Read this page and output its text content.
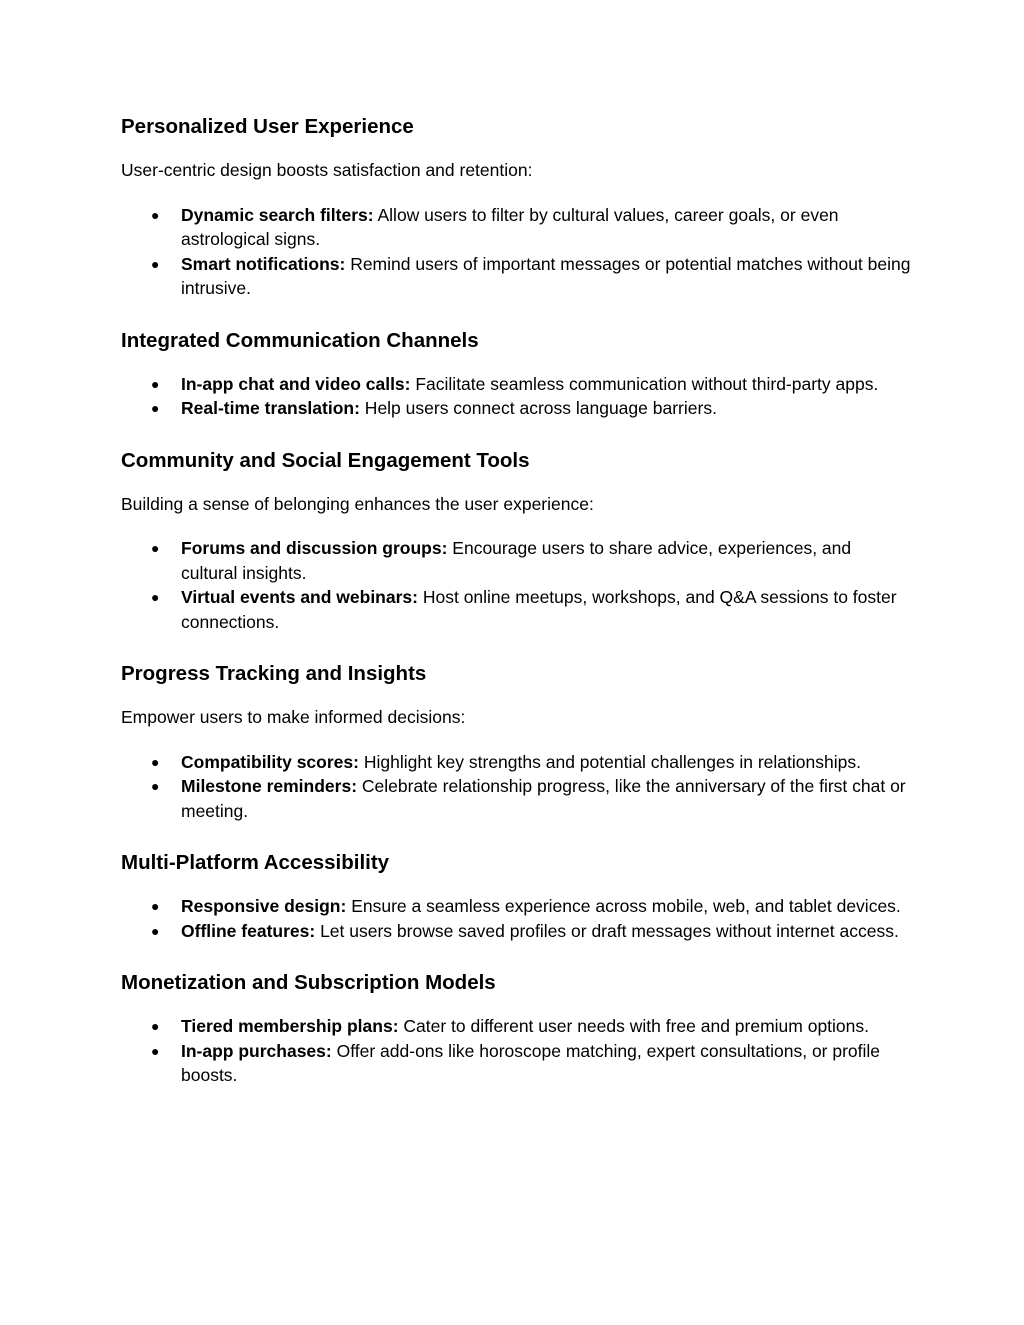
Personalized User Experience

User-centric design boosts satisfaction and retention:

● Dynamic search filters: Allow users to filter by cultural values, career goals, or even astrological signs.
● Smart notifications: Remind users of important messages or potential matches without being intrusive.
Integrated Communication Channels
● In-app chat and video calls: Facilitate seamless communication without third-party apps.
● Real-time translation: Help users connect across language barriers.
Community and Social Engagement Tools

Building a sense of belonging enhances the user experience:

● Forums and discussion groups: Encourage users to share advice, experiences, and cultural insights.
● Virtual events and webinars: Host online meetups, workshops, and Q&A sessions to foster connections.
Progress Tracking and Insights

Empower users to make informed decisions:

● Compatibility scores: Highlight key strengths and potential challenges in relationships.
● Milestone reminders: Celebrate relationship progress, like the anniversary of the first chat or meeting.
Multi-Platform Accessibility
● Responsive design: Ensure a seamless experience across mobile, web, and tablet devices.
● Offline features: Let users browse saved profiles or draft messages without internet access.
Monetization and Subscription Models
● Tiered membership plans: Cater to different user needs with free and premium options.
● In-app purchases: Offer add-ons like horoscope matching, expert consultations, or profile boosts.
